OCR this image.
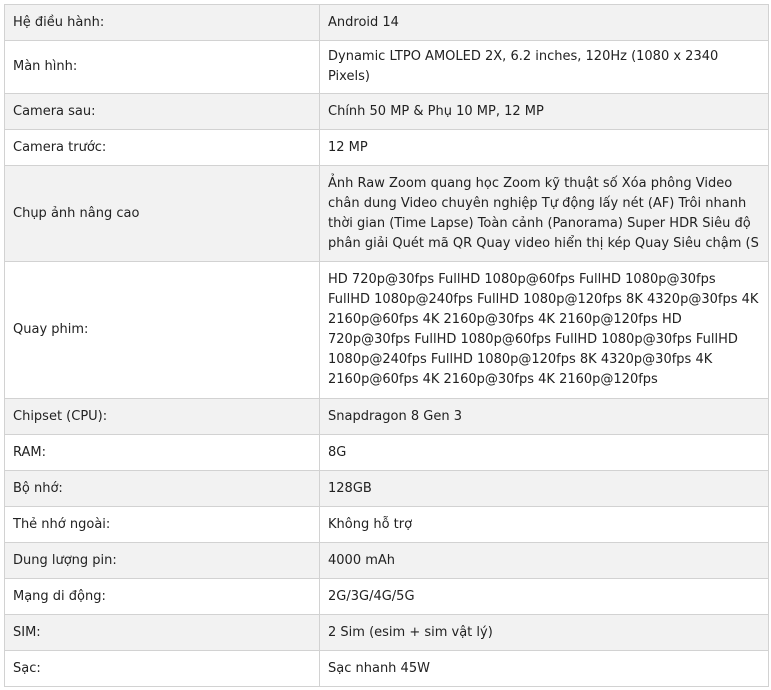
Hệ điều hành:	Android 14
Màn hình:	Dynamic LTPO AMOLED 2X, 6.2 inches, 120Hz (1080 x 2340 Pixels)
Camera sau:	Chính 50 MP & Phụ 10 MP, 12 MP
Camera trước:	12 MP
Chụp ảnh nâng cao	Ảnh Raw Zoom quang học Zoom kỹ thuật số Xóa phông Video chân dung Video chuyên nghiệp Tự động lấy nét (AF) Trôi nhanh thời gian (Time Lapse) Toàn cảnh (Panorama) Super HDR Siêu độ phân giải Quét mã QR Quay video hiển thị kép Quay Siêu chậm (S
Quay phim:	HD 720p@30fps FullHD 1080p@60fps FullHD 1080p@30fps FullHD 1080p@240fps FullHD 1080p@120fps 8K 4320p@30fps 4K 2160p@60fps 4K 2160p@30fps 4K 2160p@120fps HD 720p@30fps FullHD 1080p@60fps FullHD 1080p@30fps FullHD 1080p@240fps FullHD 1080p@120fps 8K 4320p@30fps 4K 2160p@60fps 4K 2160p@30fps 4K 2160p@120fps
Chipset (CPU):	Snapdragon 8 Gen 3
RAM:	8G
Bộ nhớ:	128GB
Thẻ nhớ ngoài:	Không hỗ trợ
Dung lượng pin:	4000 mAh
Mạng di động:	2G/3G/4G/5G
SIM:	2 Sim (esim + sim vật lý)
Sạc:	Sạc nhanh 45W
